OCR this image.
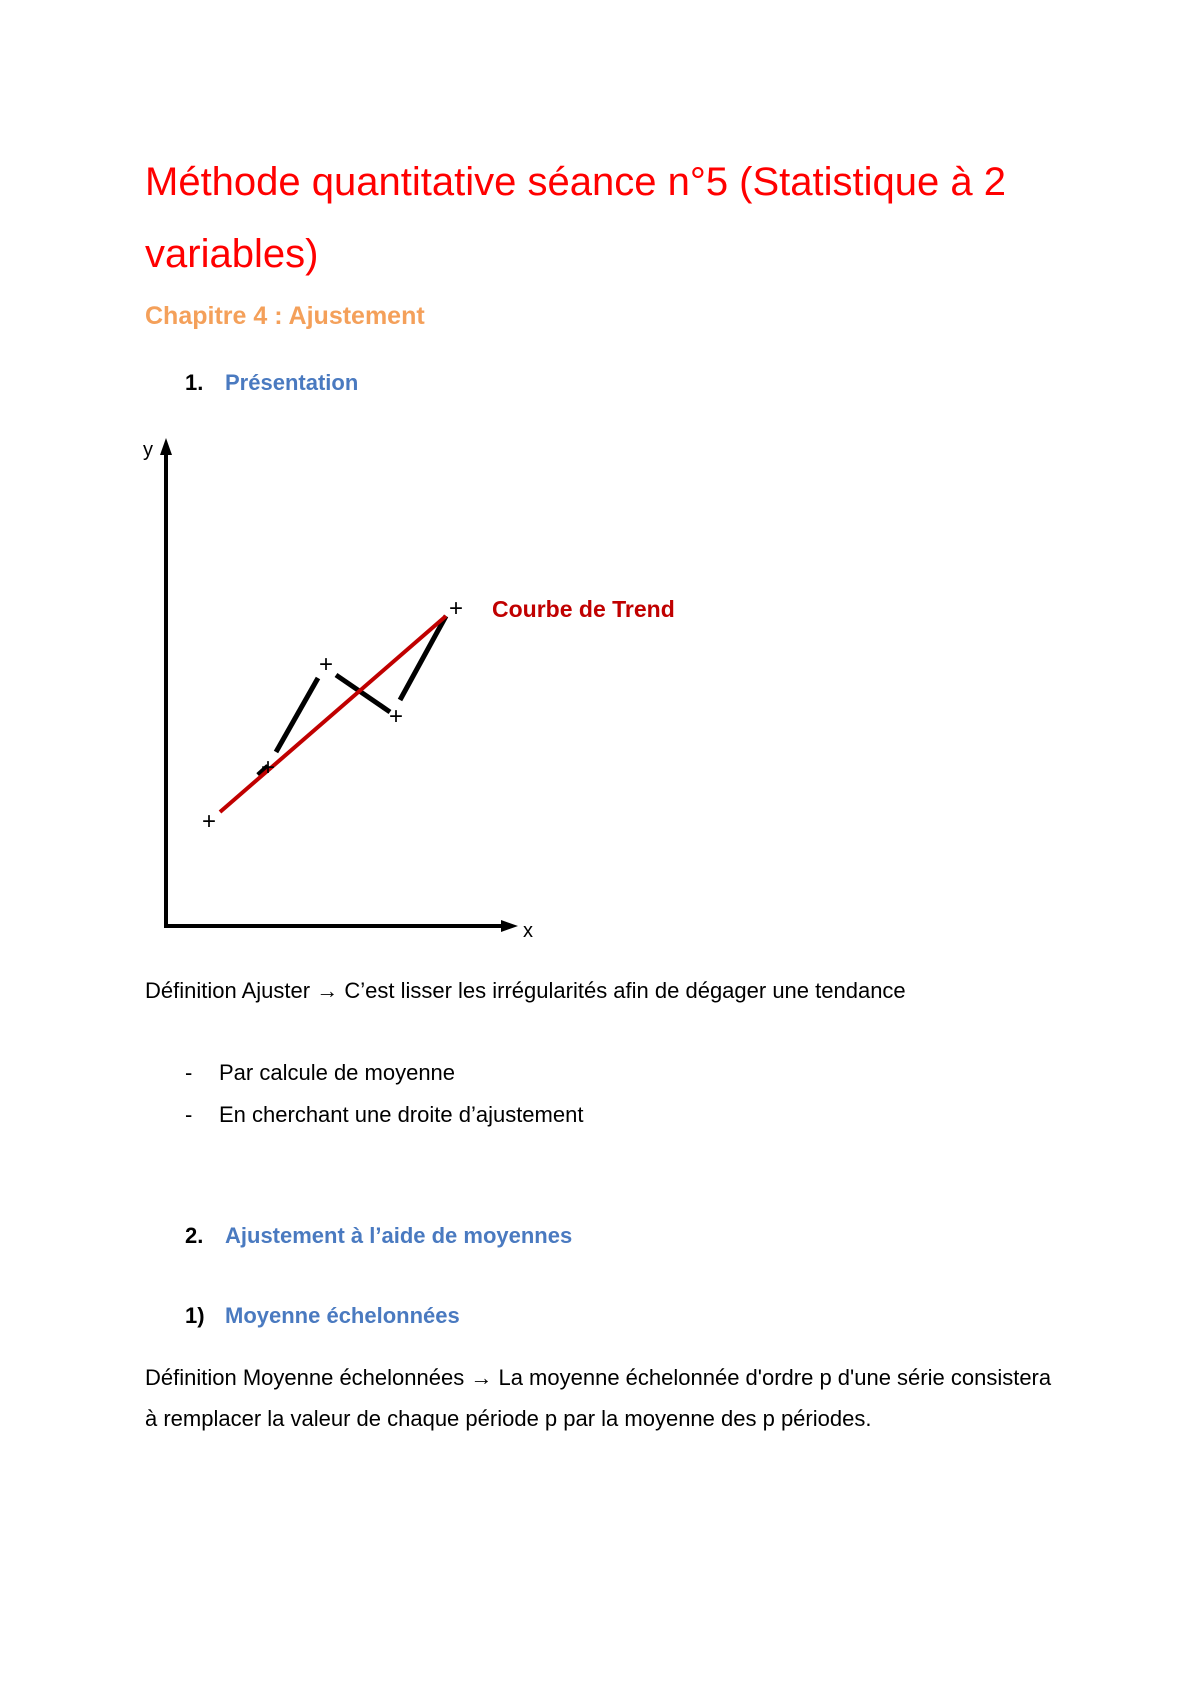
Méthode quantitative séance n°5 (Statistique à 2 variables)
Chapitre 4 : Ajustement
1. Présentation
y
x
+
+
+
+
+ Courbe de Trend

Définition Ajuster → C’est lisser les irrégularités afin de dégager une tendance

- Par calcule de moyenne
- En cherchant une droite d’ajustement
2. Ajustement à l’aide de moyennes
1) Moyenne échelonnées

Définition Moyenne échelonnées → La moyenne échelonnée d'ordre p d'une série consistera à remplacer la valeur de chaque période p par la moyenne des p périodes.
